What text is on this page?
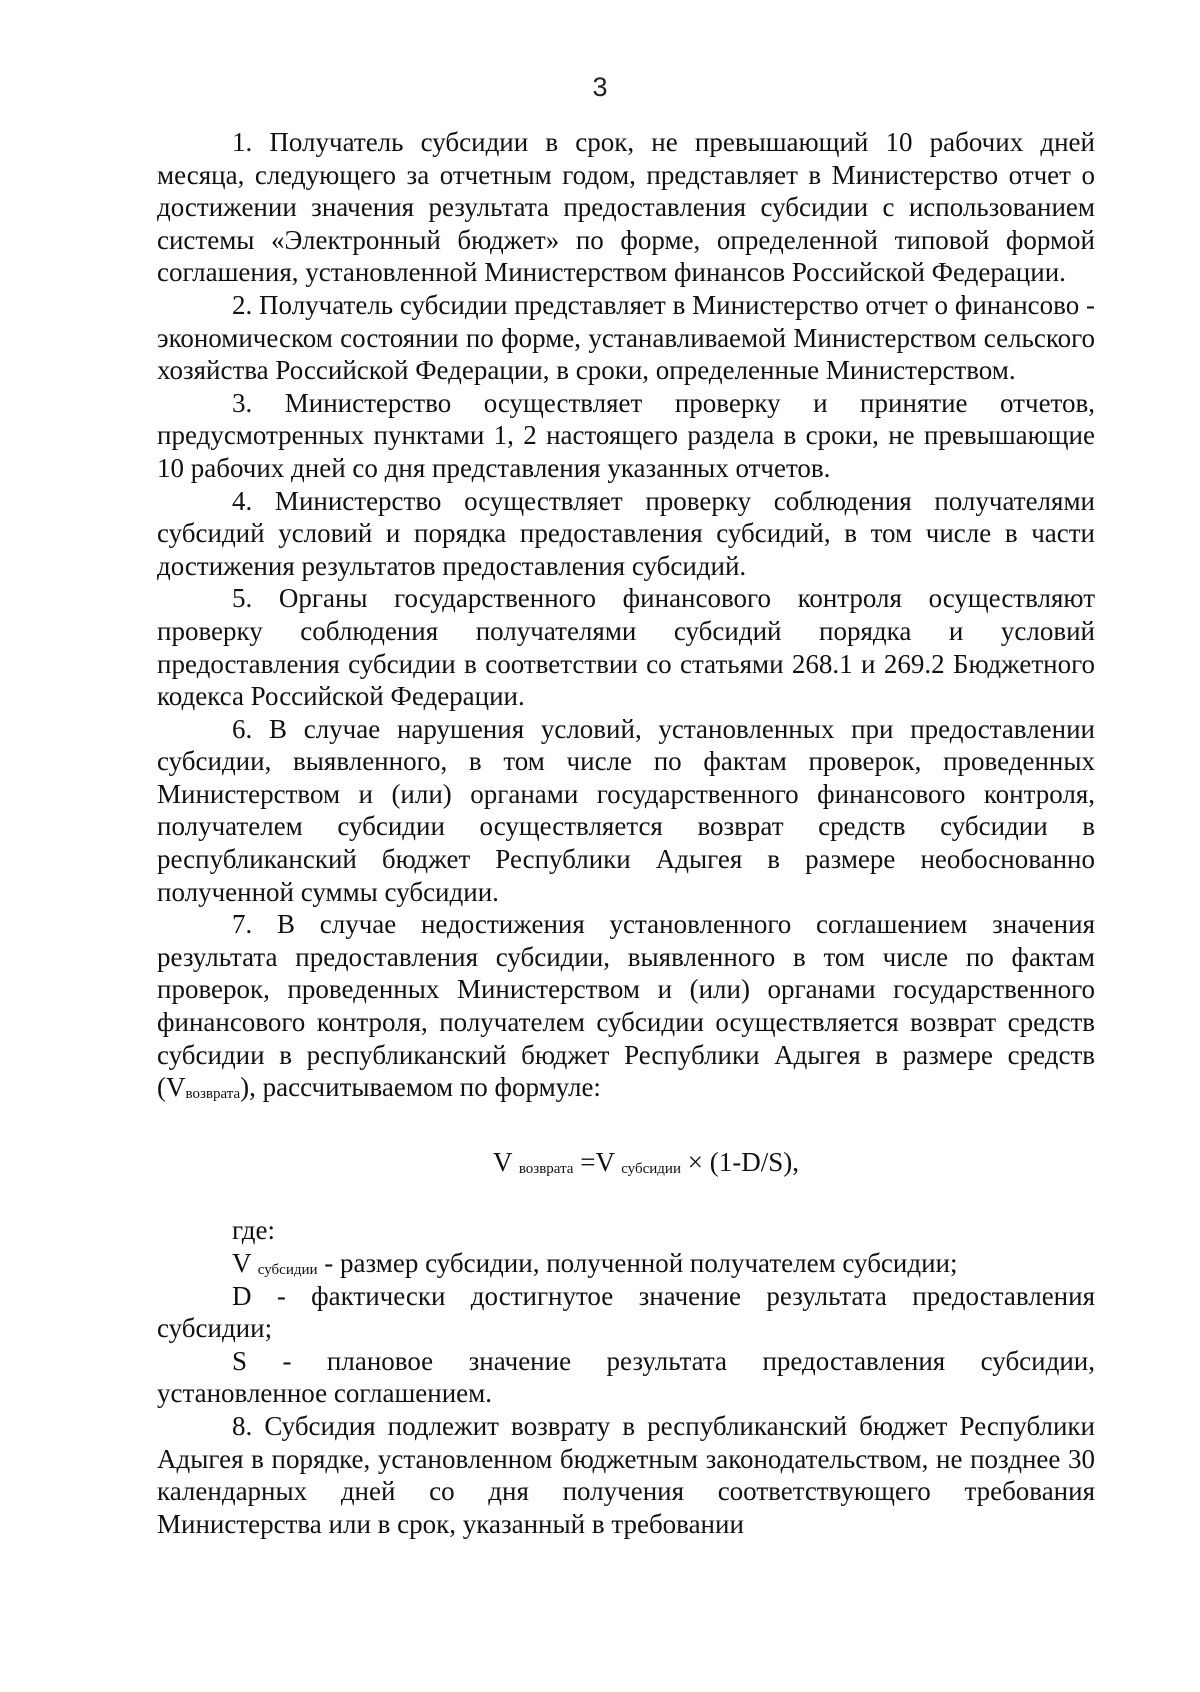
3

1. Получатель субсидии в срок, не превышающий 10 рабочих дней месяца, следующего за отчетным годом, представляет в Министерство отчет о достижении значения результата предоставления субсидии с использованием системы «Электронный бюджет» по форме, определенной типовой формой соглашения, установленной Министерством финансов Российской Федерации.

2. Получатель субсидии представляет в Министерство отчет о финансово - экономическом состоянии по форме, устанавливаемой Министерством сельского хозяйства Российской Федерации, в сроки, определенные Министерством.

3. Министерство осуществляет проверку и принятие отчетов, предусмотренных пунктами 1, 2 настоящего раздела в сроки, не превышающие 10 рабочих дней со дня представления указанных отчетов.

4. Министерство осуществляет проверку соблюдения получателями субсидий условий и порядка предоставления субсидий, в том числе в части достижения результатов предоставления субсидий.

5. Органы государственного финансового контроля осуществляют проверку соблюдения получателями субсидий порядка и условий предоставления субсидии в соответствии со статьями 268.1 и 269.2 Бюджетного кодекса Российской Федерации.

6. В случае нарушения условий, установленных при предоставлении субсидии, выявленного, в том числе по фактам проверок, проведенных Министерством и (или) органами государственного финансового контроля, получателем субсидии осуществляется возврат средств субсидии в республиканский бюджет Республики Адыгея в размере необоснованно полученной суммы субсидии.

7. В случае недостижения установленного соглашением значения результата предоставления субсидии, выявленного в том числе по фактам проверок, проведенных Министерством и (или) органами государственного финансового контроля, получателем субсидии осуществляется возврат средств субсидии в республиканский бюджет Республики Адыгея в размере средств $(V_{возврата})$, рассчитываемом по формуле:

V $_{возврата}$ =V $_{субсидии}$ × (1-D/S),

где:

V $_{субсидии}$ - размер субсидии, полученной получателем субсидии;

D - фактически достигнутое значение результата предоставления субсидии;

S - плановое значение результата предоставления субсидии, установленное соглашением.

8. Субсидия подлежит возврату в республиканский бюджет Республики Адыгея в порядке, установленном бюджетным законодательством, не позднее 30 календарных дней со дня получения соответствующего требования Министерства или в срок, указанный в требовании
